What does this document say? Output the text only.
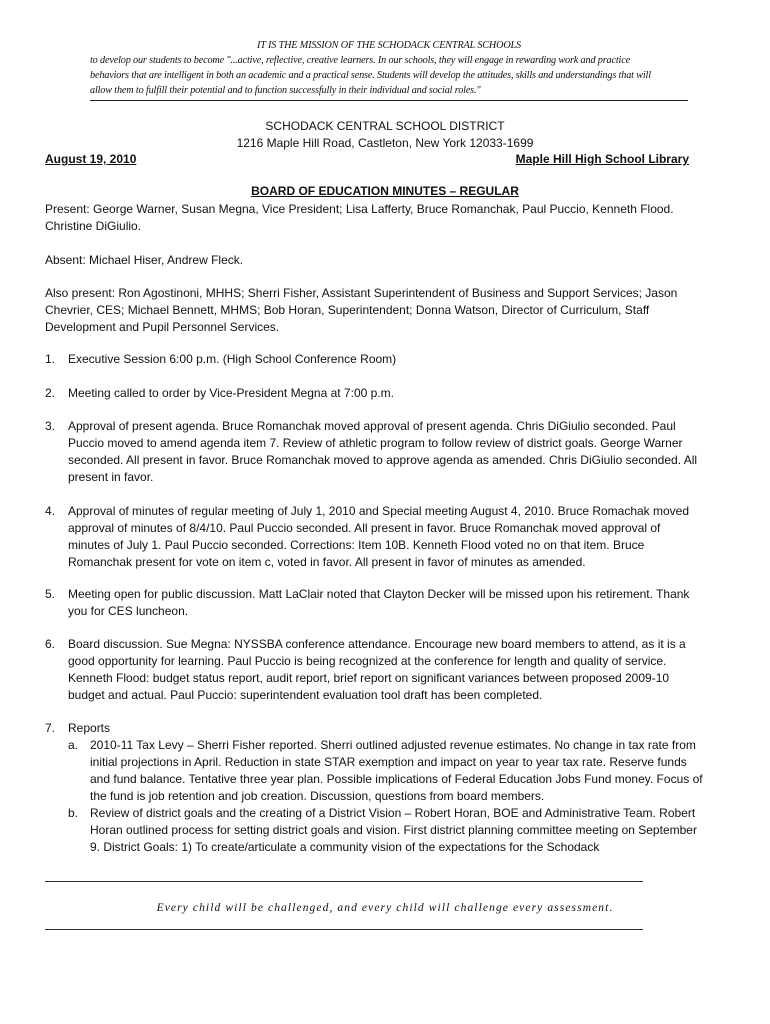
IT IS THE MISSION OF THE SCHODACK CENTRAL SCHOOLS
to develop our students to become "...active, reflective, creative learners. In our schools, they will engage in rewarding work and practice
behaviors that are intelligent in both an academic and a practical sense. Students will develop the attitudes, skills and understandings that will
allow them to fulfill their potential and to function successfully in their individual and social roles."
SCHODACK CENTRAL SCHOOL DISTRICT
1216 Maple Hill Road, Castleton, New York 12033-1699
August 19, 2010	Maple Hill High School Library
BOARD OF EDUCATION MINUTES – REGULAR
Present: George Warner, Susan Megna, Vice President; Lisa Lafferty, Bruce Romanchak, Paul Puccio, Kenneth Flood. Christine DiGiulio.
Absent: Michael Hiser, Andrew Fleck.
Also present: Ron Agostinoni, MHHS; Sherri Fisher, Assistant Superintendent of Business and Support Services; Jason Chevrier, CES; Michael Bennett, MHMS; Bob Horan, Superintendent; Donna Watson, Director of Curriculum, Staff Development and Pupil Personnel Services.
1. Executive Session 6:00 p.m. (High School Conference Room)
2. Meeting called to order by Vice-President Megna at 7:00 p.m.
3. Approval of present agenda. Bruce Romanchak moved approval of present agenda. Chris DiGiulio seconded. Paul Puccio moved to amend agenda item 7. Review of athletic program to follow review of district goals. George Warner seconded. All present in favor. Bruce Romanchak moved to approve agenda as amended. Chris DiGiulio seconded. All present in favor.
4. Approval of minutes of regular meeting of July 1, 2010 and Special meeting August 4, 2010. Bruce Romachak moved approval of minutes of 8/4/10. Paul Puccio seconded. All present in favor. Bruce Romanchak moved approval of minutes of July 1. Paul Puccio seconded. Corrections: Item 10B. Kenneth Flood voted no on that item. Bruce Romanchak present for vote on item c, voted in favor. All present in favor of minutes as amended.
5. Meeting open for public discussion. Matt LaClair noted that Clayton Decker will be missed upon his retirement. Thank you for CES luncheon.
6. Board discussion. Sue Megna: NYSSBA conference attendance. Encourage new board members to attend, as it is a good opportunity for learning. Paul Puccio is being recognized at the conference for length and quality of service. Kenneth Flood: budget status report, audit report, brief report on significant variances between proposed 2009-10 budget and actual. Paul Puccio: superintendent evaluation tool draft has been completed.
7. Reports
a. 2010-11 Tax Levy – Sherri Fisher reported. Sherri outlined adjusted revenue estimates. No change in tax rate from initial projections in April. Reduction in state STAR exemption and impact on year to year tax rate. Reserve funds and fund balance. Tentative three year plan. Possible implications of Federal Education Jobs Fund money. Focus of the fund is job retention and job creation. Discussion, questions from board members.
b. Review of district goals and the creating of a District Vision – Robert Horan, BOE and Administrative Team. Robert Horan outlined process for setting district goals and vision. First district planning committee meeting on September 9. District Goals: 1) To create/articulate a community vision of the expectations for the Schodack
Every child will be challenged, and every child will challenge every assessment.
